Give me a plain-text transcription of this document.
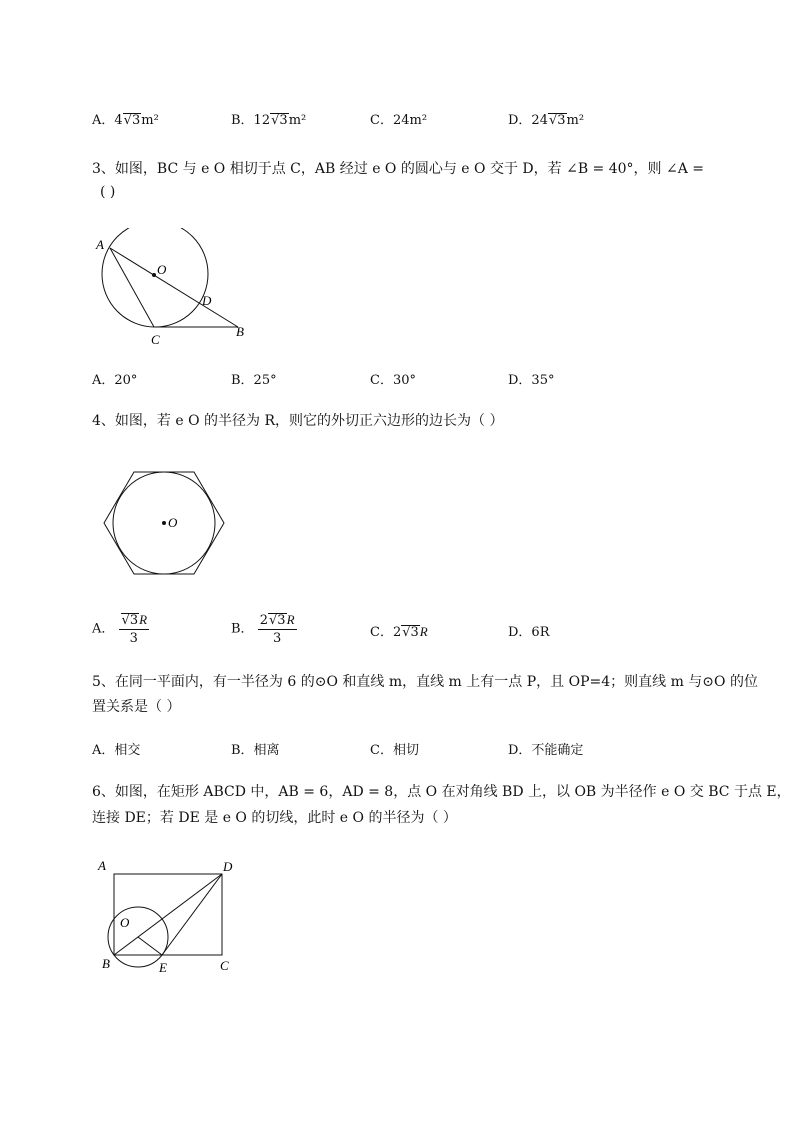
A．4√3m²	B．12√3m²	C．24m²	D．24√3m²
3、如图，BC 与 e O 相切于点 C，AB 经过 e O 的圆心与 e O 交于 D，若 ∠B = 40°，则 ∠A =
( )
A
O
D
B
C
A．20°	B．25°	C．30°	D．35°
4、如图，若 e O 的半径为 R，则它的外切正六边形的边长为（ ）
O
A． $\frac{√3R}{3}$	B． $\frac{2√3R}{3}$	C．2√3R	D．6R
5、在同一平面内，有一半径为 6 的⊙O 和直线 m，直线 m 上有一点 P，且 OP=4；则直线 m 与⊙O 的位
置关系是（ ）
A．相交	B．相离	C．相切	D．不能确定
6、如图，在矩形 ABCD 中，AB = 6，AD = 8，点 O 在对角线 BD 上，以 OB 为半径作 e O 交 BC 于点 E，
连接 DE；若 DE 是 e O 的切线，此时 e O 的半径为（ ）
A	D
O
B	E	C
